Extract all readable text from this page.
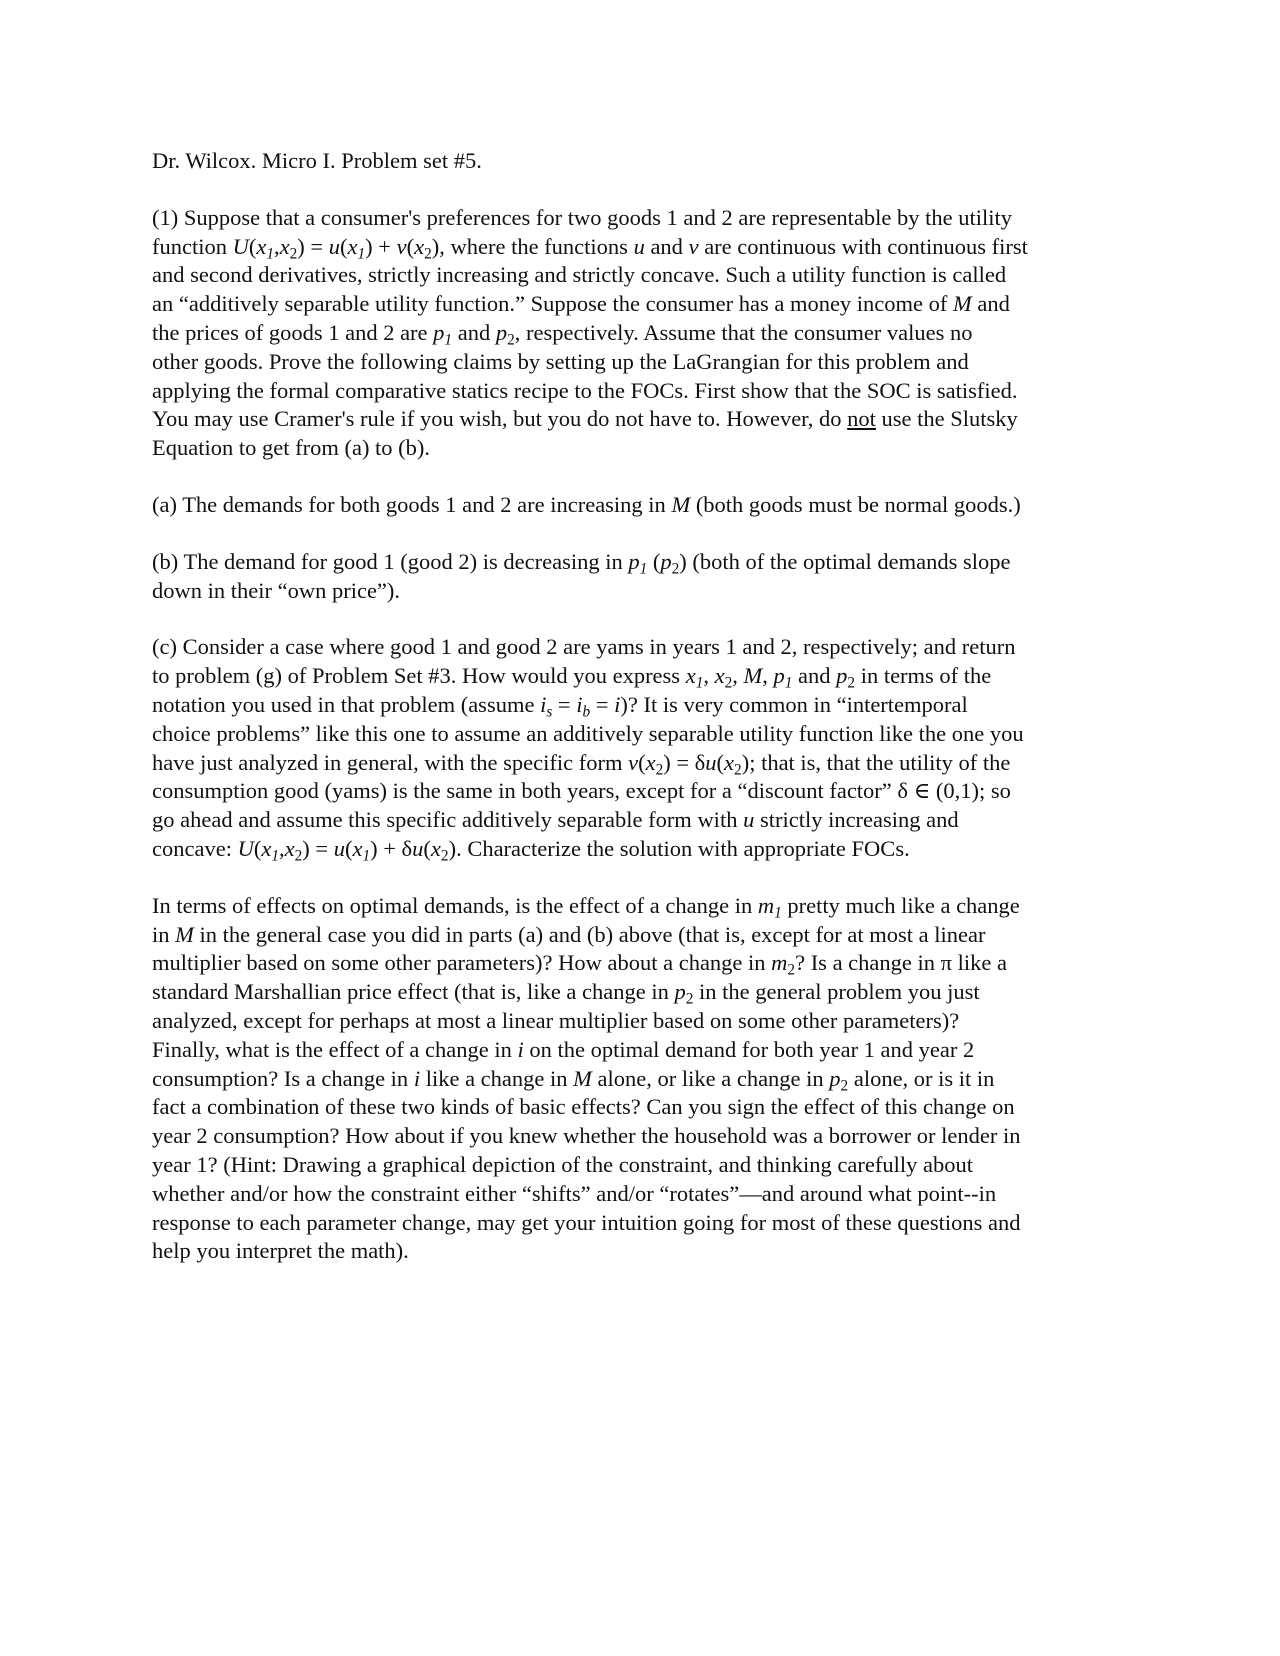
Dr. Wilcox. Micro I. Problem set #5.

(1) Suppose that a consumer's preferences for two goods 1 and 2 are representable by the utility
function $U(x_1,x_2) = u(x_1) + v(x_2)$, where the functions u and v are continuous with continuous first
and second derivatives, strictly increasing and strictly concave. Such a utility function is called
an “additively separable utility function.” Suppose the consumer has a money income of M and
the prices of goods 1 and 2 are $p_1$ and $p_2$, respectively. Assume that the consumer values no
other goods. Prove the following claims by setting up the LaGrangian for this problem and
applying the formal comparative statics recipe to the FOCs. First show that the SOC is satisfied.
You may use Cramer's rule if you wish, but you do not have to. However, do not use the Slutsky
Equation to get from (a) to (b).

(a) The demands for both goods 1 and 2 are increasing in M (both goods must be normal goods.)

(b) The demand for good 1 (good 2) is decreasing in $p_1$ $(p_2)$ (both of the optimal demands slope
down in their “own price”).

(c) Consider a case where good 1 and good 2 are yams in years 1 and 2, respectively; and return
to problem (g) of Problem Set #3. How would you express $x_1$, $x_2$, M, $p_1$ and $p_2$ in terms of the
notation you used in that problem (assume $i_s = i_b = i$)? It is very common in “intertemporal
choice problems” like this one to assume an additively separable utility function like the one you
have just analyzed in general, with the specific form $v(x_2) = \delta u(x_2)$; that is, that the utility of the
consumption good (yams) is the same in both years, except for a “discount factor” δ ∈ (0,1); so
go ahead and assume this specific additively separable form with u strictly increasing and
concave: $U(x_1,x_2) = u(x_1) + \delta u(x_2)$. Characterize the solution with appropriate FOCs.

In terms of effects on optimal demands, is the effect of a change in $m_1$ pretty much like a change
in M in the general case you did in parts (a) and (b) above (that is, except for at most a linear
multiplier based on some other parameters)? How about a change in $m_2$? Is a change in π like a
standard Marshallian price effect (that is, like a change in $p_2$ in the general problem you just
analyzed, except for perhaps at most a linear multiplier based on some other parameters)?
Finally, what is the effect of a change in i on the optimal demand for both year 1 and year 2
consumption? Is a change in i like a change in M alone, or like a change in $p_2$ alone, or is it in
fact a combination of these two kinds of basic effects? Can you sign the effect of this change on
year 2 consumption? How about if you knew whether the household was a borrower or lender in
year 1? (Hint: Drawing a graphical depiction of the constraint, and thinking carefully about
whether and/or how the constraint either “shifts” and/or “rotates”—and around what point--in
response to each parameter change, may get your intuition going for most of these questions and
help you interpret the math).
